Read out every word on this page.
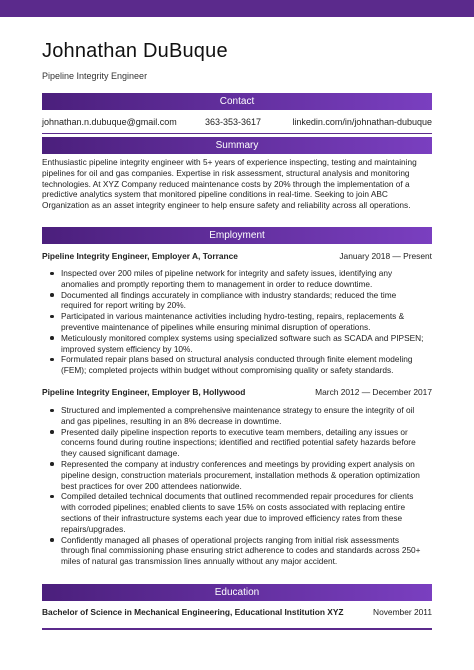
Johnathan DuBuque
Pipeline Integrity Engineer
Contact
johnathan.n.dubuque@gmail.com	363-353-3617	linkedin.com/in/johnathan-dubuque
Summary
Enthusiastic pipeline integrity engineer with 5+ years of experience inspecting, testing and maintaining pipelines for oil and gas companies. Expertise in risk assessment, structural analysis and monitoring technologies. At XYZ Company reduced maintenance costs by 20% through the implementation of a predictive analytics system that monitored pipeline conditions in real-time. Seeking to join ABC Organization as an asset integrity engineer to help ensure safety and reliability across all operations.
Employment
Pipeline Integrity Engineer, Employer A, Torrance	January 2018 — Present
Inspected over 200 miles of pipeline network for integrity and safety issues, identifying any anomalies and promptly reporting them to management in order to reduce downtime.
Documented all findings accurately in compliance with industry standards; reduced the time required for report writing by 20%.
Participated in various maintenance activities including hydro-testing, repairs, replacements & preventive maintenance of pipelines while ensuring minimal disruption of operations.
Meticulously monitored complex systems using specialized software such as SCADA and PIPSEN; improved system efficiency by 10%.
Formulated repair plans based on structural analysis conducted through finite element modeling (FEM); completed projects within budget without compromising quality or safety standards.
Pipeline Integrity Engineer, Employer B, Hollywood	March 2012 — December 2017
Structured and implemented a comprehensive maintenance strategy to ensure the integrity of oil and gas pipelines, resulting in an 8% decrease in downtime.
Presented daily pipeline inspection reports to executive team members, detailing any issues or concerns found during routine inspections; identified and rectified potential safety hazards before they caused significant damage.
Represented the company at industry conferences and meetings by providing expert analysis on pipeline design, construction materials procurement, installation methods & operation optimization best practices for over 200 attendees nationwide.
Compiled detailed technical documents that outlined recommended repair procedures for clients with corroded pipelines; enabled clients to save 15% on costs associated with replacing entire sections of their infrastructure systems each year due to improved efficiency rates from these repairs/upgrades.
Confidently managed all phases of operational projects ranging from initial risk assessments through final commissioning phase ensuring strict adherence to codes and standards across 250+ miles of natural gas transmission lines annually without any major accident.
Education
Bachelor of Science in Mechanical Engineering, Educational Institution XYZ	November 2011
